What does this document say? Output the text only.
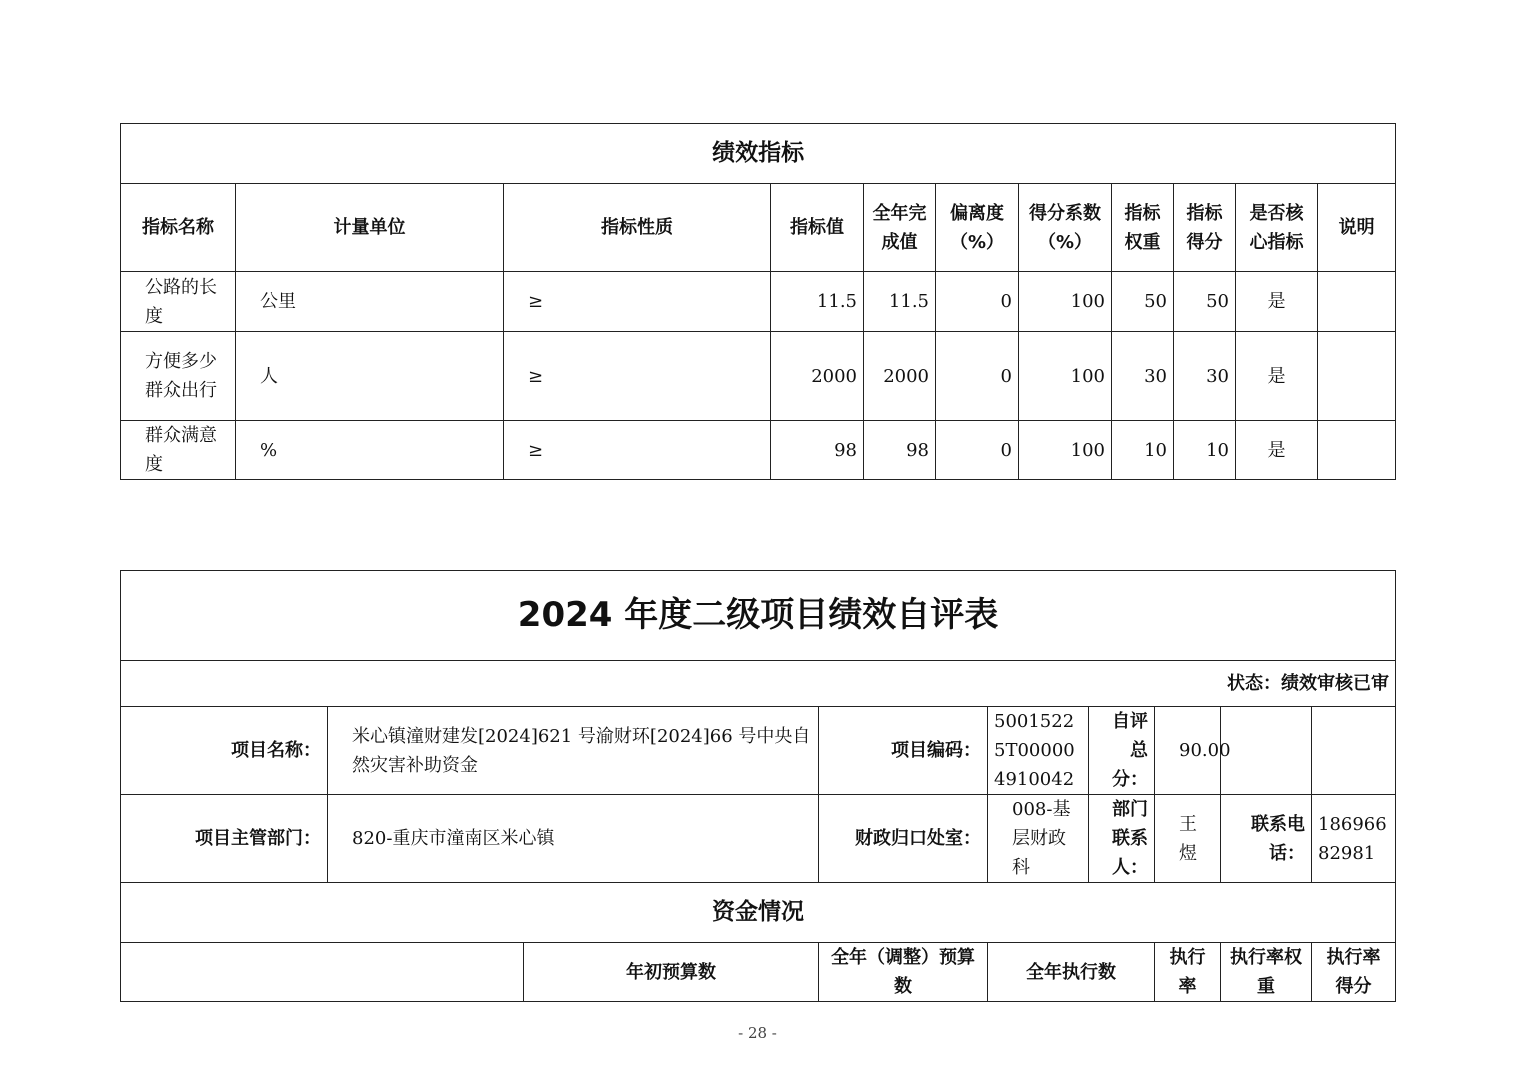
绩效指标										
指标名称	计量单位	指标性质	指标值	全年完成值	偏离度（%）	得分系数（%）	指标权重	指标得分	是否核心指标	说明
公路的长度	公里	≥	11.5	11.5	0	100	50	50	是	
方便多少群众出行	人	≥	2000	2000	0	100	30	30	是	
群众满意度	%	≥	98	98	0	100	10	10	是	
2024 年度二级项目绩效自评表								
状态：绩效审核已审								
项目名称：	米心镇潼财建发[2024]621 号渝财环[2024]66 号中央自然灾害补助资金		项目编码：	50015225T000004910042	自评总分：	90.00		
项目主管部门：	820-重庆市潼南区米心镇		财政归口处室：	008-基层财政科	部门联系人：	王煜	联系电话：	18696682981
资金情况								
		年初预算数	全年（调整）预算数	全年执行数		执行率	执行率权重	执行率得分
- 28 -
